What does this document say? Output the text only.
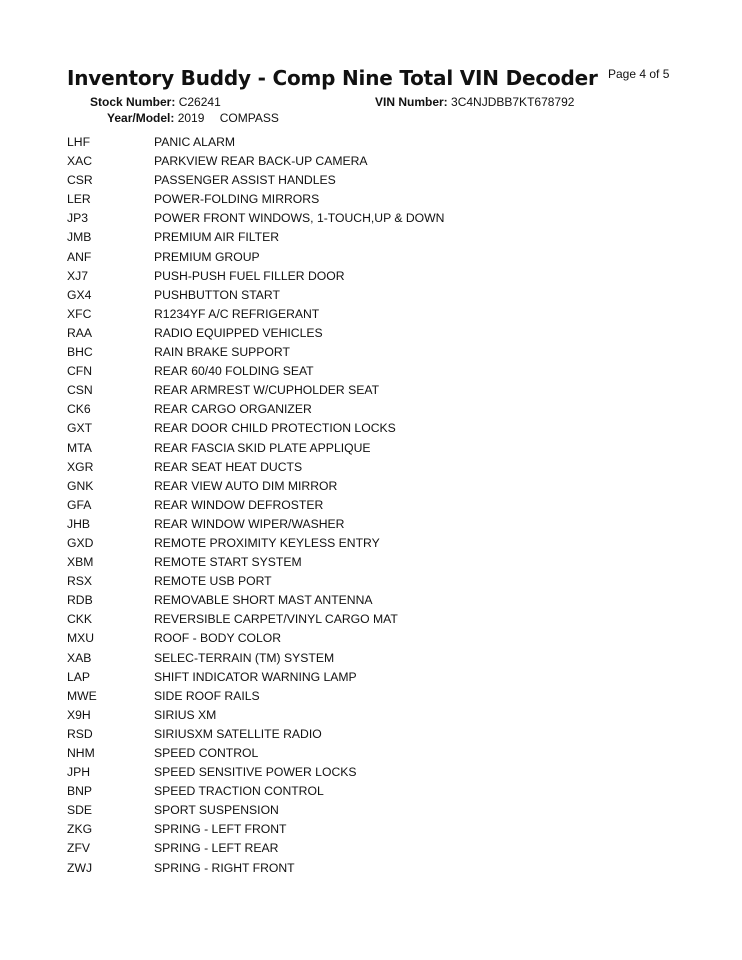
Inventory Buddy - Comp Nine Total VIN Decoder Page 4 of 5
Stock Number: C26241	VIN Number: 3C4NJDBB7KT678792
Year/Model: 2019 COMPASS
LHF	PANIC ALARM
XAC	PARKVIEW REAR BACK-UP CAMERA
CSR	PASSENGER ASSIST HANDLES
LER	POWER-FOLDING MIRRORS
JP3	POWER FRONT WINDOWS, 1-TOUCH,UP & DOWN
JMB	PREMIUM AIR FILTER
ANF	PREMIUM GROUP
XJ7	PUSH-PUSH FUEL FILLER DOOR
GX4	PUSHBUTTON START
XFC	R1234YF A/C REFRIGERANT
RAA	RADIO EQUIPPED VEHICLES
BHC	RAIN BRAKE SUPPORT
CFN	REAR 60/40 FOLDING SEAT
CSN	REAR ARMREST W/CUPHOLDER SEAT
CK6	REAR CARGO ORGANIZER
GXT	REAR DOOR CHILD PROTECTION LOCKS
MTA	REAR FASCIA SKID PLATE APPLIQUE
XGR	REAR SEAT HEAT DUCTS
GNK	REAR VIEW AUTO DIM MIRROR
GFA	REAR WINDOW DEFROSTER
JHB	REAR WINDOW WIPER/WASHER
GXD	REMOTE PROXIMITY KEYLESS ENTRY
XBM	REMOTE START SYSTEM
RSX	REMOTE USB PORT
RDB	REMOVABLE SHORT MAST ANTENNA
CKK	REVERSIBLE CARPET/VINYL CARGO MAT
MXU	ROOF - BODY COLOR
XAB	SELEC-TERRAIN (TM) SYSTEM
LAP	SHIFT INDICATOR WARNING LAMP
MWE	SIDE ROOF RAILS
X9H	SIRIUS XM
RSD	SIRIUSXM SATELLITE RADIO
NHM	SPEED CONTROL
JPH	SPEED SENSITIVE POWER LOCKS
BNP	SPEED TRACTION CONTROL
SDE	SPORT SUSPENSION
ZKG	SPRING - LEFT FRONT
ZFV	SPRING - LEFT REAR
ZWJ	SPRING - RIGHT FRONT
